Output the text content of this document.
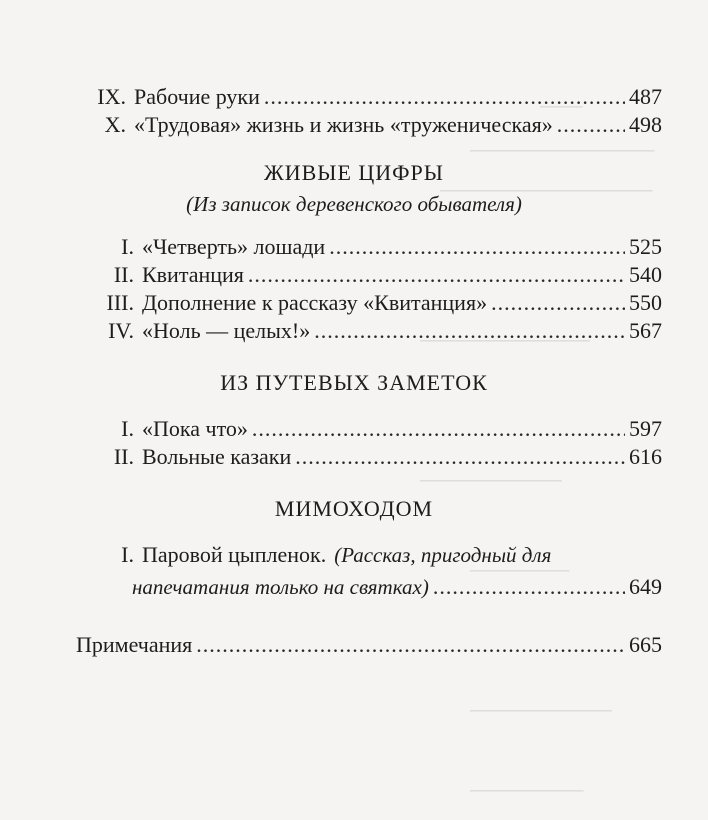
───
─────────────
───────────────
────────────
──────────
───────
──────────
────────
IX. Рабочие руки .....	487
X. «Трудовая» жизнь и жизнь «труженическая» .....	498
ЖИВЫЕ ЦИФРЫ
(Из записок деревенского обывателя)
I. «Четверть» лошади .....	525
II. Квитанция .....	540
III. Дополнение к рассказу «Квитанция» .....	550
IV. «Ноль — целых!» .....	567
ИЗ ПУТЕВЫХ ЗАМЕТОК
I. «Пока что» .....	597
II. Вольные казаки .....	616
МИМОХОДОМ
I. Паровой цыпленок. (Рассказ, пригодный для
напечатания только на святках) .....	649
Примечания .....	665
